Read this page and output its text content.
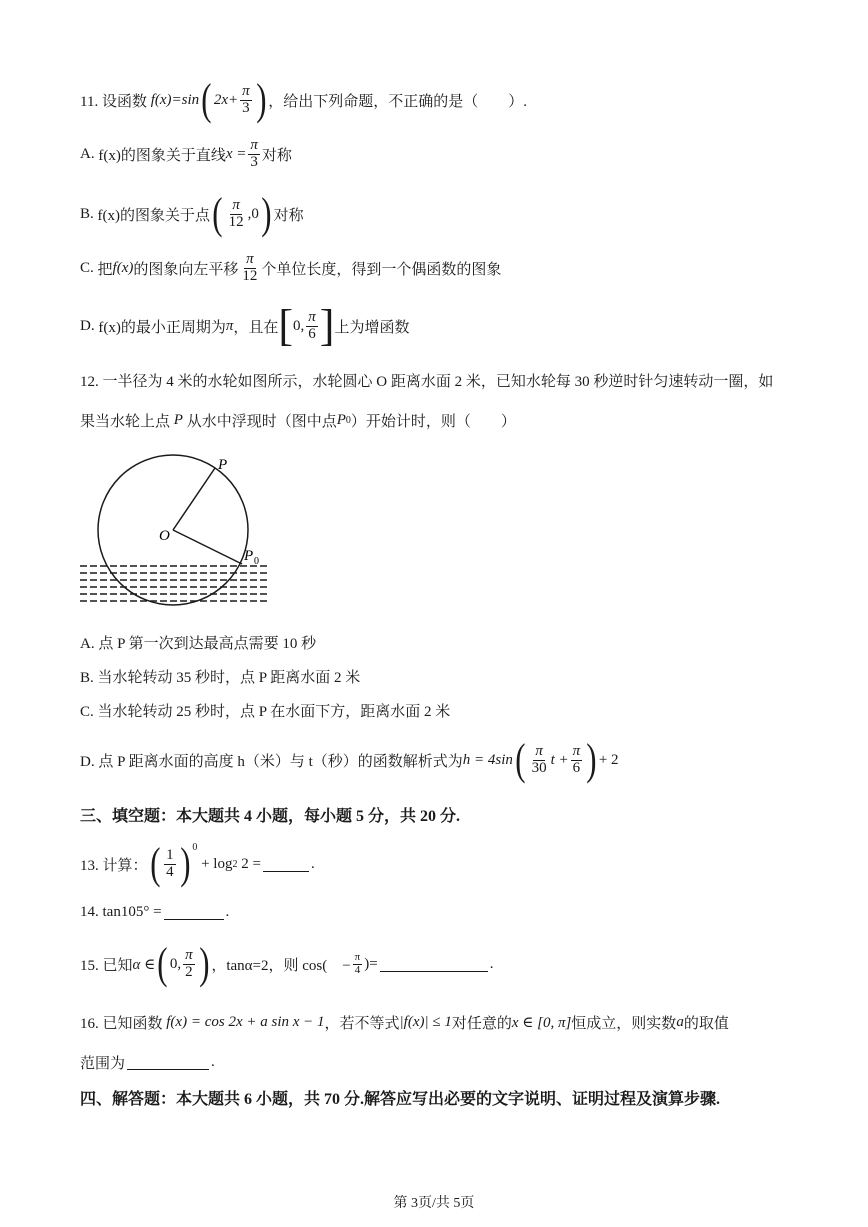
11. 设函数
f(x)=sin ( $2x+ \frac{\pi}{3}$ ) ，给出下列命题，不正确的是（　　）.
A.
f(x)的图象关于直线 $x = \frac{\pi}{3}$ 对称
B.
f(x)的图象关于点 ( $\frac{\pi}{12} ,0$ ) 对称
C.
把 f(x) 的图象向左平移 $\frac{\pi}{12}$ 个单位长度，得到一个偶函数的图象
D.
f(x)的最小正周期为 π ，且在 [ 0, $\frac{\pi}{6}$ ] 上为增函数
12. 一半径为 4 米的水轮如图所示，水轮圆心 O 距离水面 2 米，已知水轮每 30 秒逆时针匀速转动一圈，如
果当水轮上点
P
从水中浮现时（图中点 P 0 ）开始计时，则（　　）
P
O
P 0
A. 点 P 第一次到达最高点需要 10 秒
B. 当水轮转动 35 秒时，点 P 距离水面 2 米
C. 当水轮转动 25 秒时，点 P 在水面下方，距离水面 2 米
D. 点 P 距离水面的高度 h（米）与 t（秒）的函数解析式为 h = 4sin ( $\frac{\pi}{30}$ $t + \frac{\pi}{6}$ ) + 2
三、填空题：本大题共 4 小题，每小题 5 分，共 20 分.
13. 计算： ( $\frac{1}{4} )^0$

+ log 2
2 =	.
14. tan105° =	.
15. 已知 α ∈ ( 0, $\frac{\pi}{2}$ ) ，tanα=2，则 cos(　− $\frac{\pi}{4}$ )=	.
16. 已知函数
f(x) = cos 2x + a sin x − 1 ，若不等式 |f(x)| ≤ 1 对任意的 x ∈ [0, π] 恒成立，则实数 a 的取值
范围为	.
四、解答题：本大题共 6 小题，共 70 分.解答应写出必要的文字说明、证明过程及演算步骤.
第 3页/共 5页
